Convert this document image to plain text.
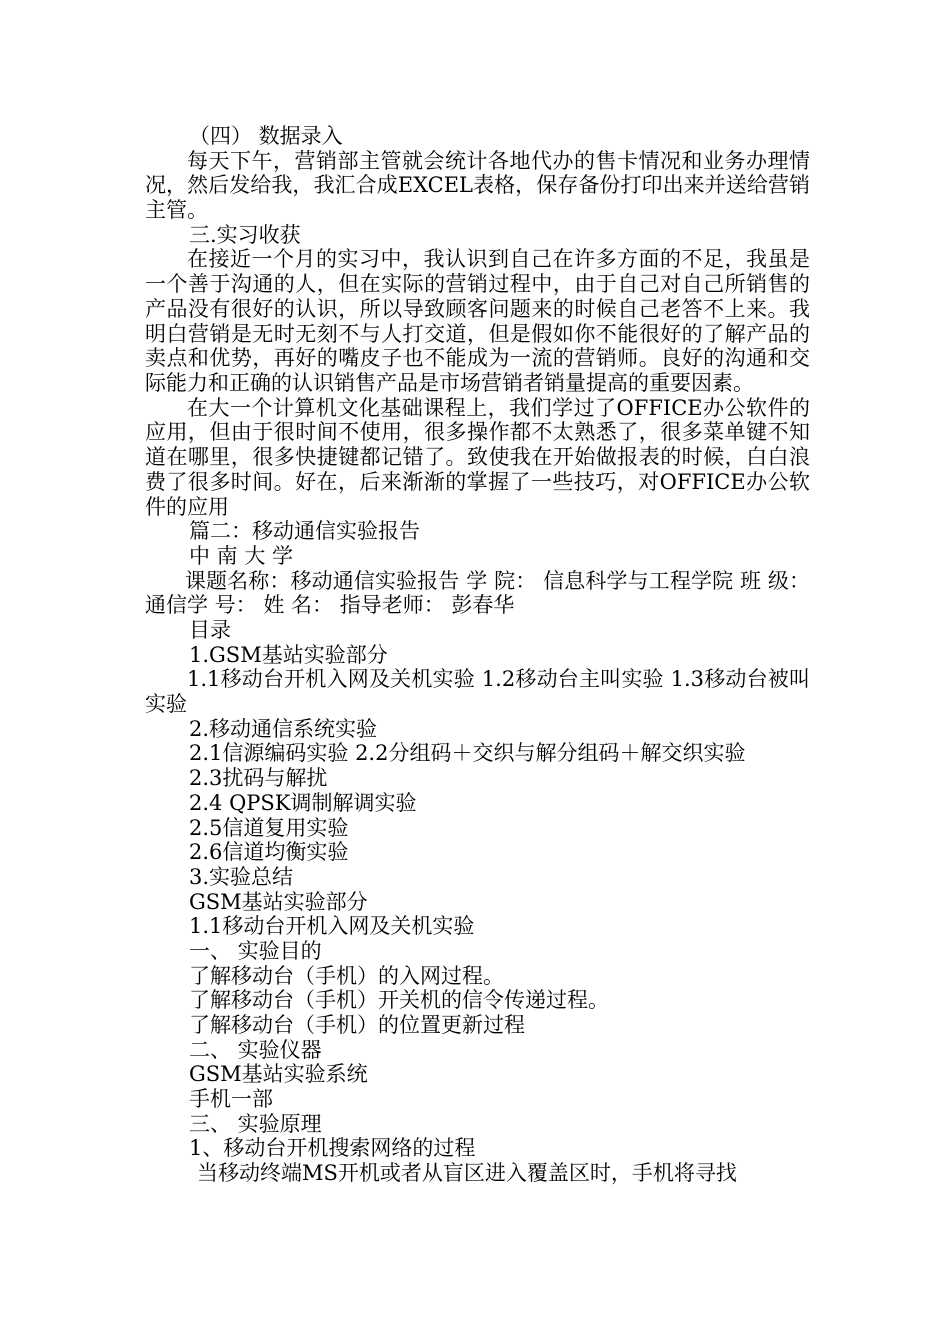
（四） 数据录入
每天下午，营销部主管就会统计各地代办的售卡情况和业务办理情况，然后发给我，我汇合成EXCEL表格，保存备份打印出来并送给营销主管。
三.实习收获
在接近一个月的实习中，我认识到自己在许多方面的不足，我虽是一个善于沟通的人，但在实际的营销过程中，由于自己对自己所销售的产品没有很好的认识，所以导致顾客问题来的时候自己老答不上来。我明白营销是无时无刻不与人打交道，但是假如你不能很好的了解产品的卖点和优势，再好的嘴皮子也不能成为一流的营销师。良好的沟通和交际能力和正确的认识销售产品是市场营销者销量提高的重要因素。
在大一个计算机文化基础课程上，我们学过了OFFICE办公软件的应用，但由于很时间不使用，很多操作都不太熟悉了，很多菜单键不知道在哪里，很多快捷键都记错了。致使我在开始做报表的时候，白白浪费了很多时间。好在，后来渐渐的掌握了一些技巧，对OFFICE办公软件的应用
篇二：移动通信实验报告
中 南 大 学
课题名称：移动通信实验报告 学 院： 信息科学与工程学院 班 级：通信学 号： 姓 名： 指导老师： 彭春华
目录
1.GSM基站实验部分
1.1移动台开机入网及关机实验 1.2移动台主叫实验 1.3移动台被叫实验
2.移动通信系统实验
2.1信源编码实验 2.2分组码＋交织与解分组码＋解交织实验
2.3扰码与解扰
2.4 QPSK调制解调实验
2.5信道复用实验
2.6信道均衡实验
3.实验总结
GSM基站实验部分
1.1移动台开机入网及关机实验
一、 实验目的
了解移动台（手机）的入网过程。
了解移动台（手机）开关机的信令传递过程。
了解移动台（手机）的位置更新过程
二、 实验仪器
GSM基站实验系统
手机一部
三、 实验原理
1、移动台开机搜索网络的过程
当移动终端MS开机或者从盲区进入覆盖区时，手机将寻找
